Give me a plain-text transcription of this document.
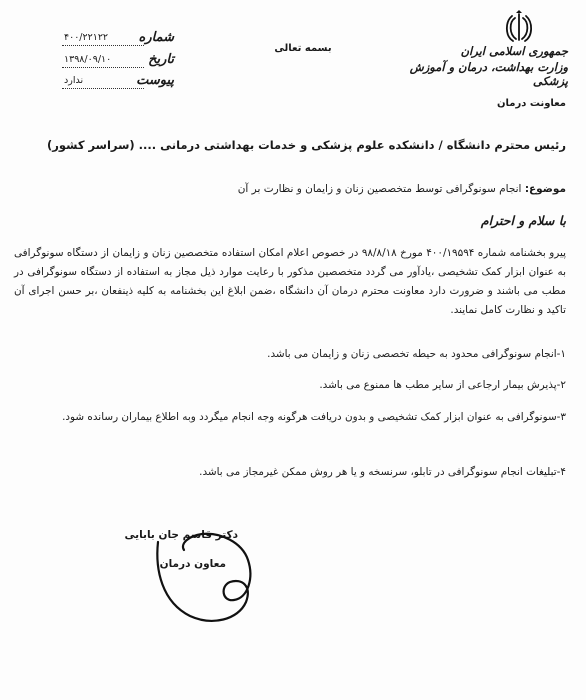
جمهوری اسلامی ایران
وزارت بهداشت، درمان و آموزش پزشکی
معاونت درمان
بسمه تعالی
شماره
۴۰۰/۲۲۱۲۲
تاریخ
۱۳۹۸/۰۹/۱۰
پیوست
ندارد
رئیس محترم دانشگاه / دانشکده علوم پزشکی و خدمات بهداشتی درمانی .... (سراسر کشور)
موضوع: انجام سونوگرافی توسط متخصصین زنان و زایمان و نظارت بر آن
با سلام و احترام
پیرو بخشنامه شماره ۴۰۰/۱۹۵۹۴ مورخ ۹۸/۸/۱۸ در خصوص اعلام امکان استفاده متخصصین زنان و زایمان از دستگاه سونوگرافی به عنوان ابزار کمک تشخیصی ،یادآور می گردد متخصصین مذکور با رعایت موارد ذیل مجاز به استفاده از دستگاه سونوگرافی در مطب می باشند و ضرورت دارد معاونت محترم درمان آن دانشگاه ،ضمن ابلاغ این بخشنامه به کلیه ذینفعان ،بر حسن اجرای آن تاکید و نظارت کامل نمایند.
۱-انجام سونوگرافی محدود به حیطه تخصصی زنان و زایمان می باشد.
۲-پذیرش بیمار ارجاعی از سایر مطب ها ممنوع می باشد.
۳-سونوگرافی به عنوان ابزار کمک تشخیصی و بدون دریافت هرگونه وجه انجام میگردد وبه اطلاع بیماران رسانده شود.
۴-تبلیغات انجام سونوگرافی در تابلو، سرنسخه و یا هر روش ممکن غیرمجاز می باشد.
دکتر قاسم جان بابایی
معاون درمان
